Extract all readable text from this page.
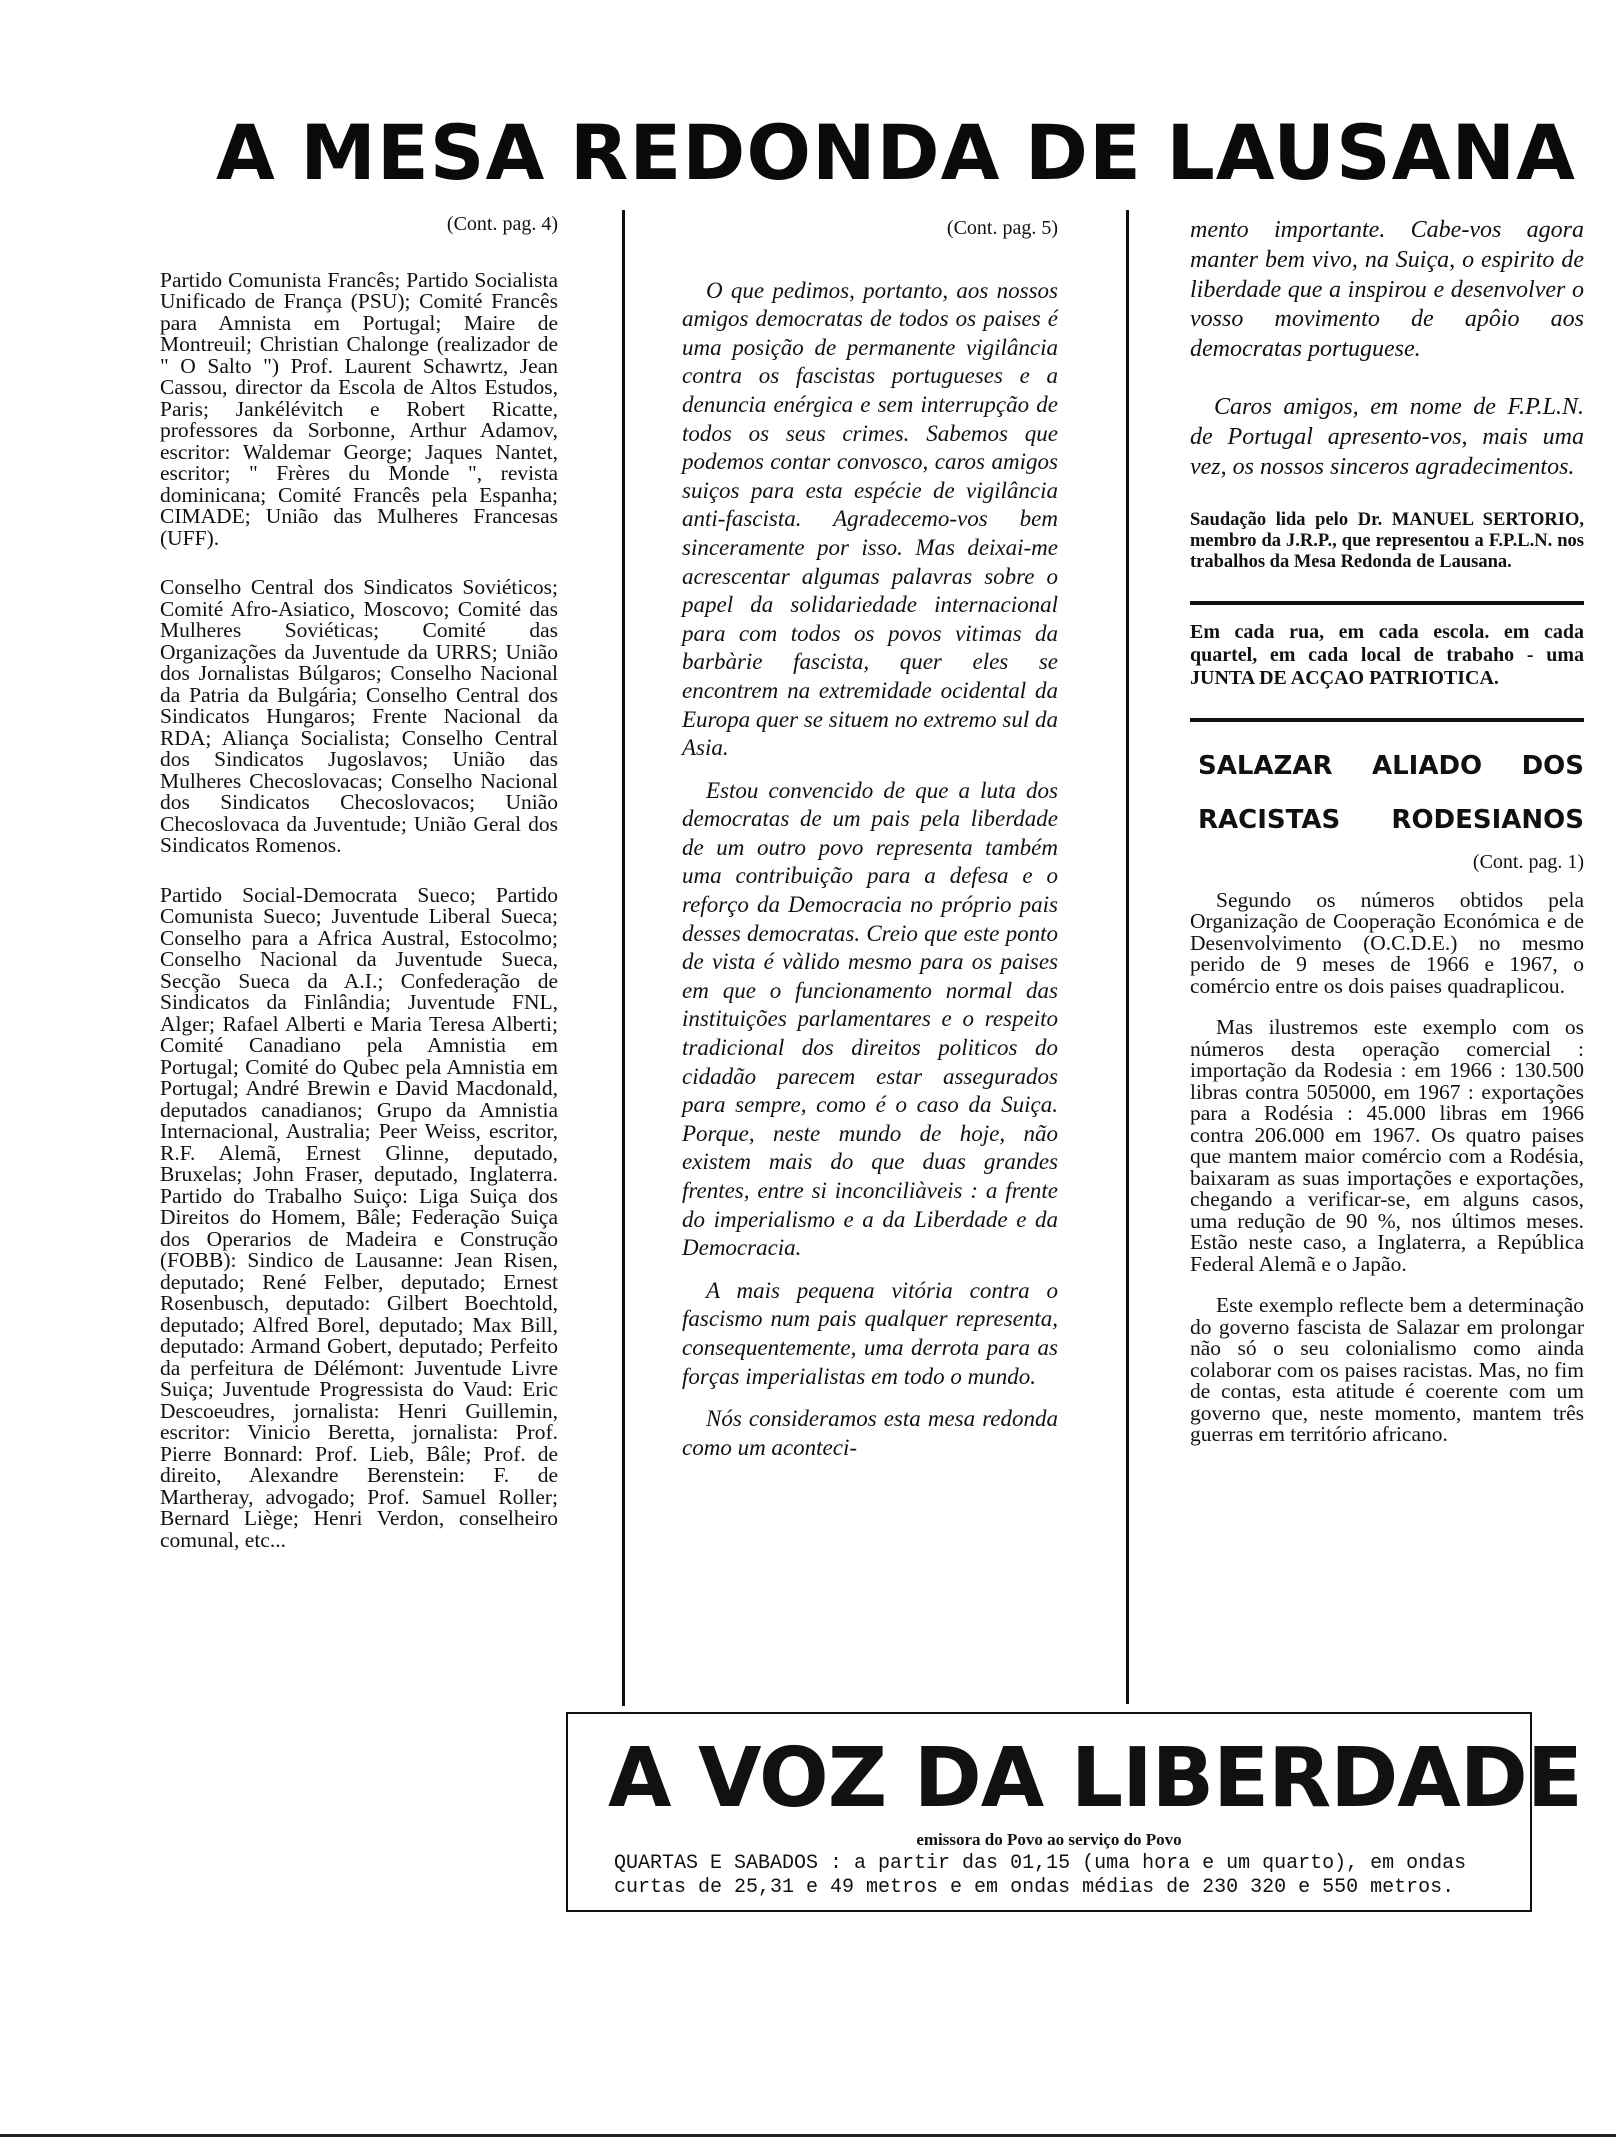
A MESA REDONDA DE LAUSANA
(Cont. pag. 4)

Partido Comunista Francês; Partido Socialista Unificado de França (PSU); Comité Francês para Amnista em Portugal; Maire de Montreuil; Christian Chalonge (realizador de " O Salto ") Prof. Laurent Schawrtz, Jean Cassou, director da Escola de Altos Estudos, Paris; Jankélévitch e Robert Ricatte, professores da Sorbonne, Arthur Adamov, escritor: Waldemar George; Jaques Nantet, escritor; " Frères du Monde ", revista dominicana; Comité Francês pela Espanha; CIMADE; União das Mulheres Francesas (UFF).

Conselho Central dos Sindicatos Soviéticos; Comité Afro-Asiatico, Moscovo; Comité das Mulheres Soviéticas; Comité das Organizações da Juventude da URRS; União dos Jornalistas Búlgaros; Conselho Nacional da Patria da Bulgária; Conselho Central dos Sindicatos Hungaros; Frente Nacional da RDA; Aliança Socialista; Conselho Central dos Sindicatos Jugoslavos; União das Mulheres Checoslovacas; Conselho Nacional dos Sindicatos Checoslovacos; União Checoslovaca da Juventude; União Geral dos Sindicatos Romenos.

Partido Social-Democrata Sueco; Partido Comunista Sueco; Juventude Liberal Sueca; Conselho para a Africa Austral, Estocolmo; Conselho Nacional da Juventude Sueca, Secção Sueca da A.I.; Confederação de Sindicatos da Finlândia; Juventude FNL, Alger; Rafael Alberti e Maria Teresa Alberti; Comité Canadiano pela Amnistia em Portugal; Comité do Qubec pela Amnistia em Portugal; André Brewin e David Macdonald, deputados canadianos; Grupo da Amnistia Internacional, Australia; Peer Weiss, escritor, R.F. Alemã, Ernest Glinne, deputado, Bruxelas; John Fraser, deputado, Inglaterra. Partido do Trabalho Suiço: Liga Suiça dos Direitos do Homem, Bâle; Federação Suiça dos Operarios de Madeira e Construção (FOBB): Sindico de Lausanne: Jean Risen, deputado; René Felber, deputado; Ernest Rosenbusch, deputado: Gilbert Boechtold, deputado; Alfred Borel, deputado; Max Bill, deputado: Armand Gobert, deputado; Perfeito da perfeitura de Délémont: Juventude Livre Suiça; Juventude Progressista do Vaud: Eric Descoeudres, jornalista: Henri Guillemin, escritor: Vinicio Beretta, jornalista: Prof. Pierre Bonnard: Prof. Lieb, Bâle; Prof. de direito, Alexandre Berenstein: F. de Martheray, advogado; Prof. Samuel Roller; Bernard Liège; Henri Verdon, conselheiro comunal, etc...

(Cont. pag. 5)

O que pedimos, portanto, aos nossos amigos democratas de todos os paises é uma posição de permanente vigilância contra os fascistas portugueses e a denuncia enérgica e sem interrupção de todos os seus crimes. Sabemos que podemos contar convosco, caros amigos suiços para esta espécie de vigilância anti-fascista. Agradecemo-vos bem sinceramente por isso. Mas deixai-me acrescentar algumas palavras sobre o papel da solidariedade internacional para com todos os povos vitimas da barbàrie fascista, quer eles se encontrem na extremidade ocidental da Europa quer se situem no extremo sul da Asia.

Estou convencido de que a luta dos democratas de um pais pela liberdade de um outro povo representa também uma contribuição para a defesa e o reforço da Democracia no próprio pais desses democratas. Creio que este ponto de vista é vàlido mesmo para os paises em que o funcionamento normal das instituições parlamentares e o respeito tradicional dos direitos politicos do cidadão parecem estar assegurados para sempre, como é o caso da Suiça. Porque, neste mundo de hoje, não existem mais do que duas grandes frentes, entre si inconciliàveis : a frente do imperialismo e a da Liberdade e da Democracia.

A mais pequena vitória contra o fascismo num pais qualquer representa, consequentemente, uma derrota para as forças imperialistas em todo o mundo.

Nós consideramos esta mesa redonda como um aconteci-

mento importante. Cabe-vos agora manter bem vivo, na Suiça, o espirito de liberdade que a inspirou e desenvolver o vosso movimento de apôio aos democratas portuguese.

Caros amigos, em nome de F.P.L.N. de Portugal apresento-vos, mais uma vez, os nossos sinceros agradecimentos.

Saudação lida pelo Dr. MANUEL SERTORIO, membro da J.R.P., que representou a F.P.L.N. nos trabalhos da Mesa Redonda de Lausana.

Em cada rua, em cada escola. em cada quartel, em cada local de trabaho - uma JUNTA DE ACÇAO PATRIOTICA.

SALAZAR ALIADO DOS
RACISTAS RODESIANOS
(Cont. pag. 1)

Segundo os números obtidos pela Organização de Cooperação Económica e de Desenvolvimento (O.C.D.E.) no mesmo perido de 9 meses de 1966 e 1967, o comércio entre os dois paises quadraplicou.

Mas ilustremos este exemplo com os números desta operação comercial : importação da Rodesia : em 1966 : 130.500 libras contra 505000, em 1967 : exportações para a Rodésia : 45.000 libras em 1966 contra 206.000 em 1967. Os quatro paises que mantem maior comércio com a Rodésia, baixaram as suas importações e exportações, chegando a verificar-se, em alguns casos, uma redução de 90 %, nos últimos meses. Estão neste caso, a Inglaterra, a República Federal Alemã e o Japão.

Este exemplo reflecte bem a determinação do governo fascista de Salazar em prolongar não só o seu colonialismo como ainda colaborar com os paises racistas. Mas, no fim de contas, esta atitude é coerente com um governo que, neste momento, mantem três guerras em território africano.

A VOZ DA LIBERDADE
emissora do Povo ao serviço do Povo
QUARTAS E SABADOS : a partir das 01,15 (uma hora e um quarto), em ondas curtas de 25,31 e 49 metros e em ondas médias de 230 320 e 550 metros.
